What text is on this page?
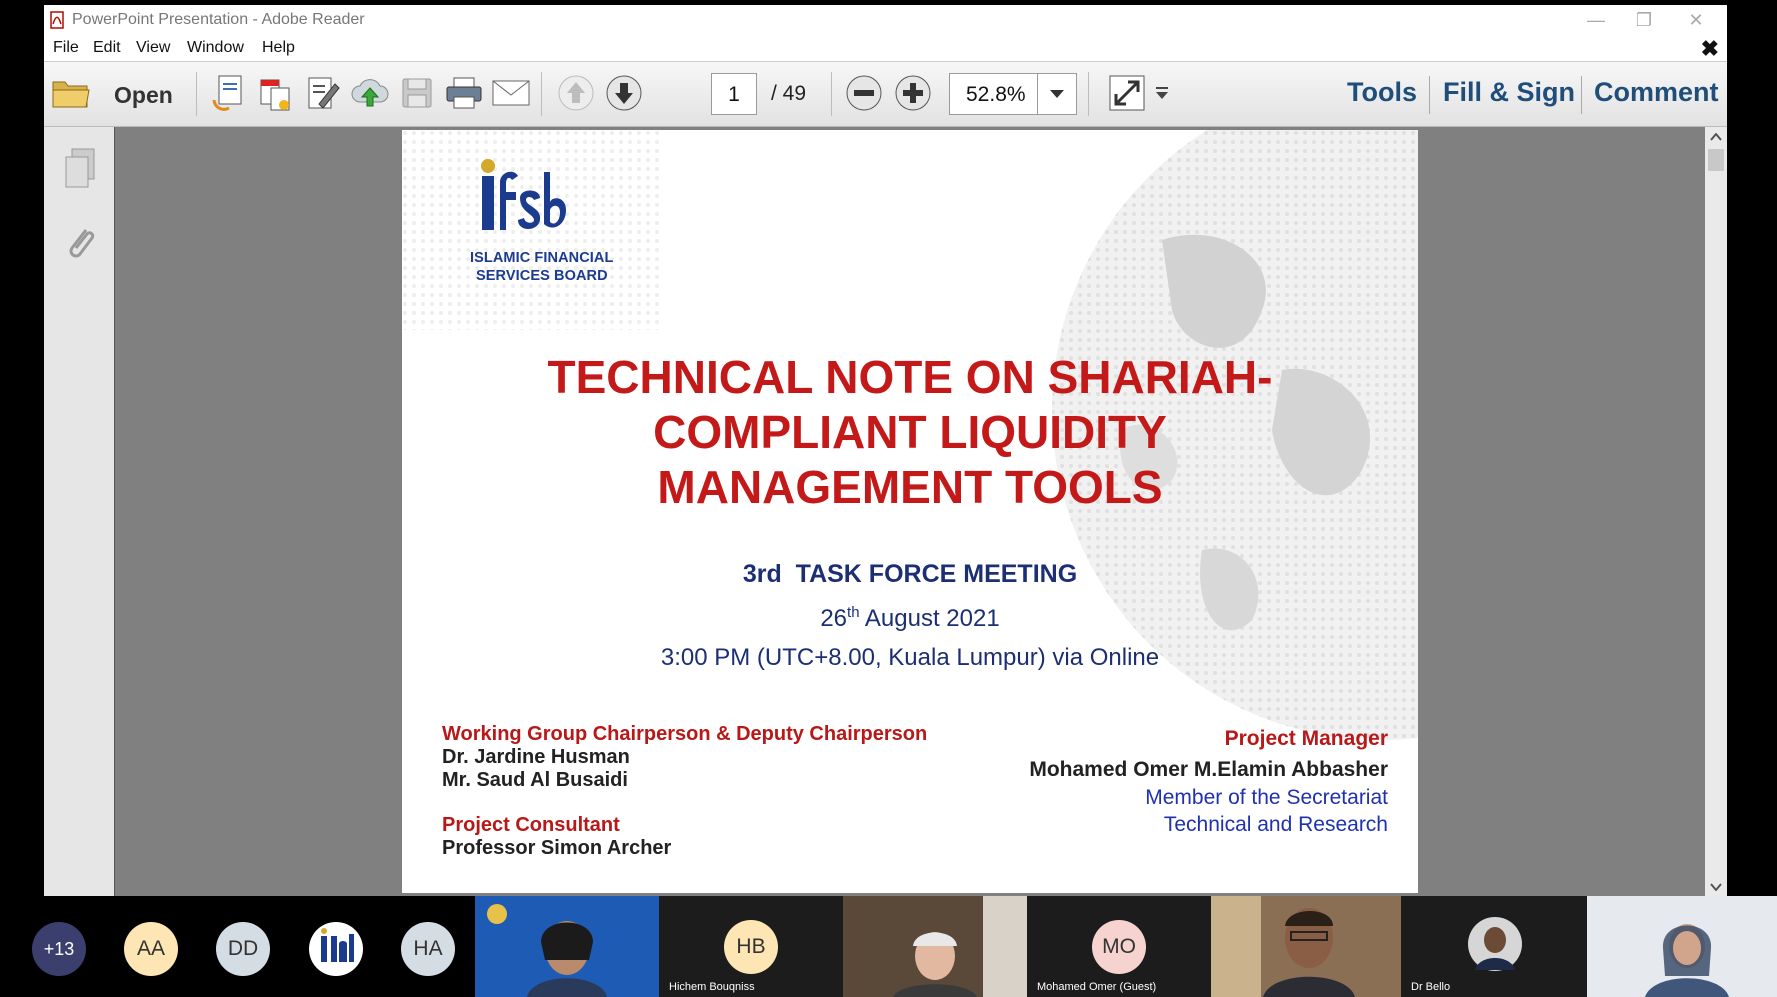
PowerPoint Presentation - Adobe Reader	—	❐	✕
File Edit View Window Help	✖
Open	1	/ 49	52.8%	Tools Fill & Sign Comment
ISLAMIC FINANCIAL
SERVICES BOARD
TECHNICAL NOTE ON SHARIAH-
COMPLIANT LIQUIDITY
MANAGEMENT TOOLS
3rd  TASK FORCE MEETING
26th August 2021
3:00 PM (UTC+8.00, Kuala Lumpur) via Online
Working Group Chairperson & Deputy Chairperson
Dr. Jardine Husman
Mr. Saud Al Busaidi
Project Consultant
Professor Simon Archer
Project Manager
Mohamed Omer M.Elamin Abbasher
Member of the Secretariat
Technical and Research
+13	AA	DD	HA	HB
Hichem Bouqniss
MO
Mohamed Omer (Guest)	Dr Bello
